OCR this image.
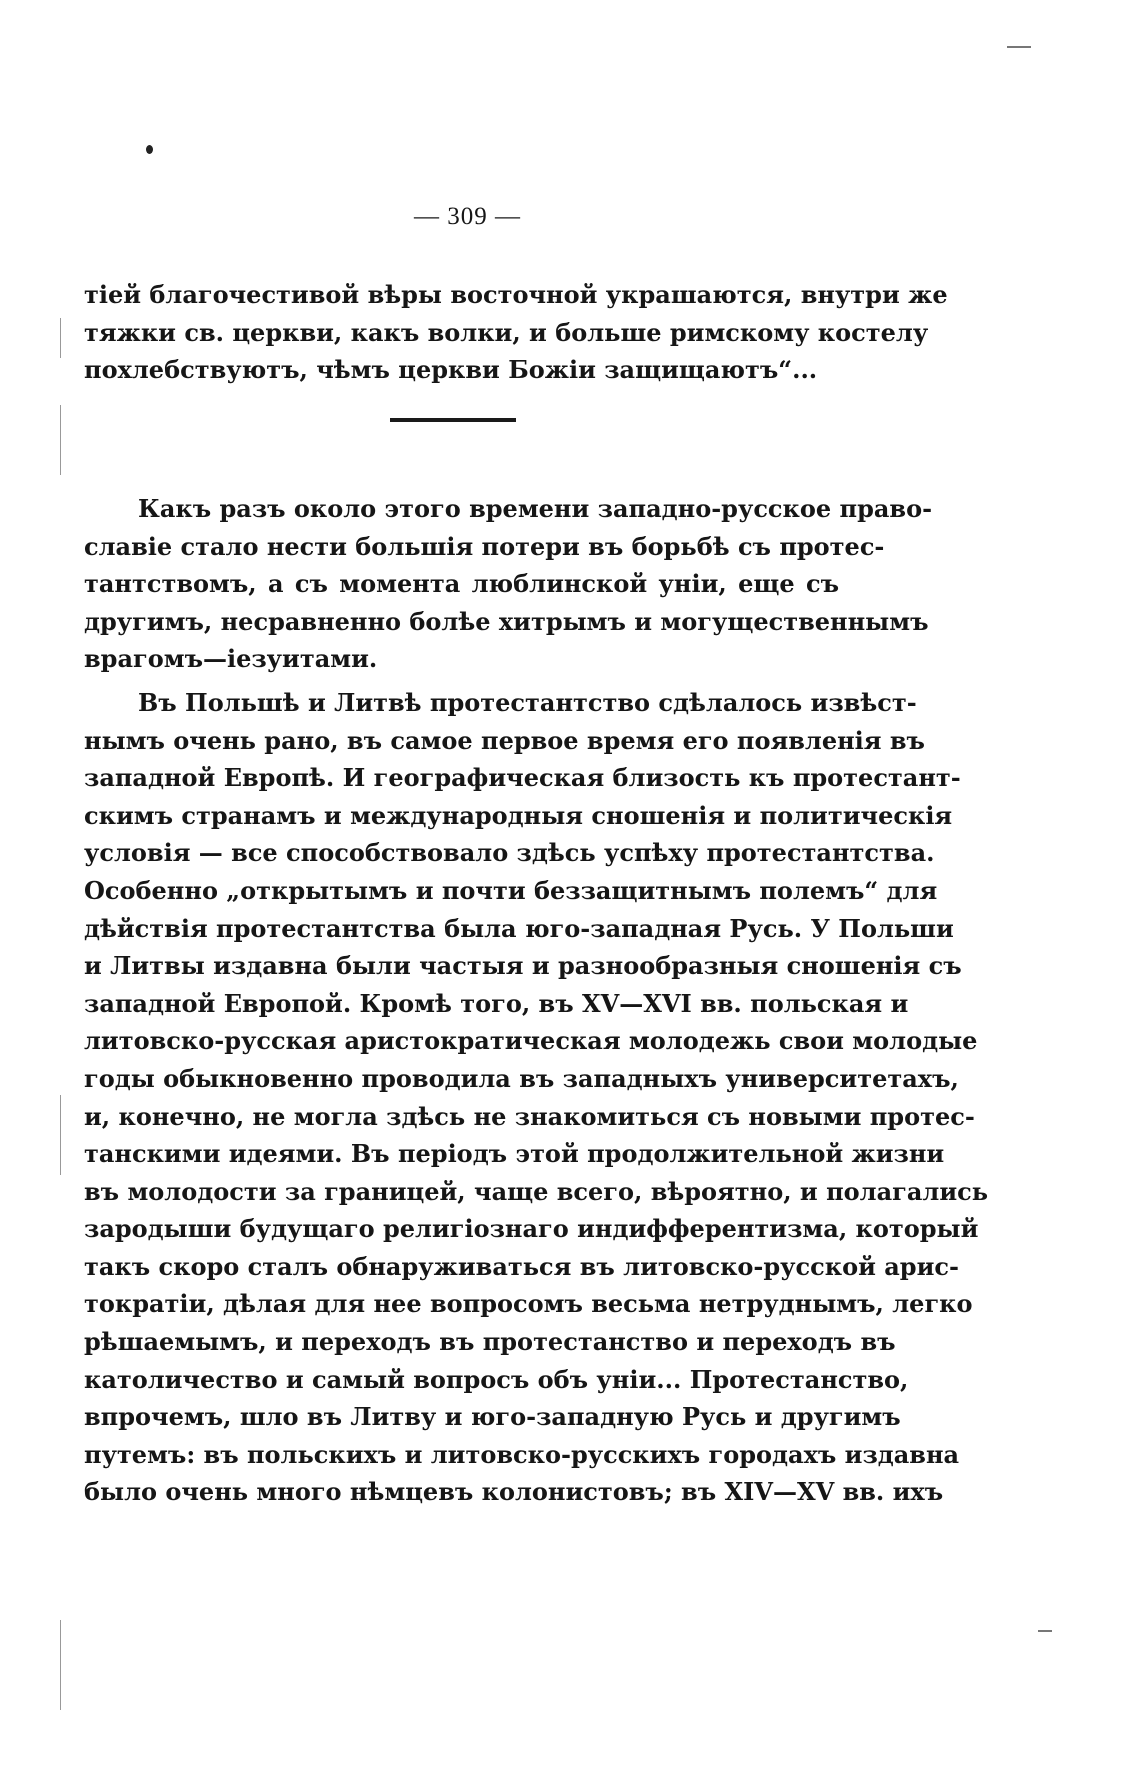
— 309 —
тіей благочестивой вѣры восточной украшаются, внутри же
тяжки св. церкви, какъ волки, и больше римскому костелу
похлебствуютъ, чѣмъ церкви Божіи защищаютъ“...
Какъ разъ около этого времени западно-русское право-
славіе стало нести большія потери въ борьбѣ съ протес-
тантствомъ, а съ момента люблинской уніи, еще съ
другимъ, несравненно болѣе хитрымъ и могущественнымъ
врагомъ—іезуитами.
Въ Польшѣ и Литвѣ протестантство сдѣлалось извѣст-
нымъ очень рано, въ самое первое время его появленія въ
западной Европѣ. И географическая близость къ протестант-
скимъ странамъ и международныя сношенія и политическія
условія — все способствовало здѣсь успѣху протестантства.
Особенно „открытымъ и почти беззащитнымъ полемъ“ для
дѣйствія протестантства была юго-западная Русь. У Польши
и Литвы издавна были частыя и разнообразныя сношенія съ
западной Европой. Кромѣ того, въ XV—XVI вв. польская и
литовско-русская аристократическая молодежь свои молодые
годы обыкновенно проводила въ западныхъ университетахъ,
и, конечно, не могла здѣсь не знакомиться съ новыми протес-
танскими идеями. Въ періодъ этой продолжительной жизни
въ молодости за границей, чаще всего, вѣроятно, и полагались
зародыши будущаго религіознаго индифферентизма, который
такъ скоро сталъ обнаруживаться въ литовско-русской арис-
тократіи, дѣлая для нее вопросомъ весьма нетруднымъ, легко
рѣшаемымъ, и переходъ въ протестанство и переходъ въ
католичество и самый вопросъ объ уніи... Протестанство,
впрочемъ, шло въ Литву и юго-западную Русь и другимъ
путемъ: въ польскихъ и литовско-русскихъ городахъ издавна
было очень много нѣмцевъ колонистовъ; въ XIV—XV вв. ихъ
